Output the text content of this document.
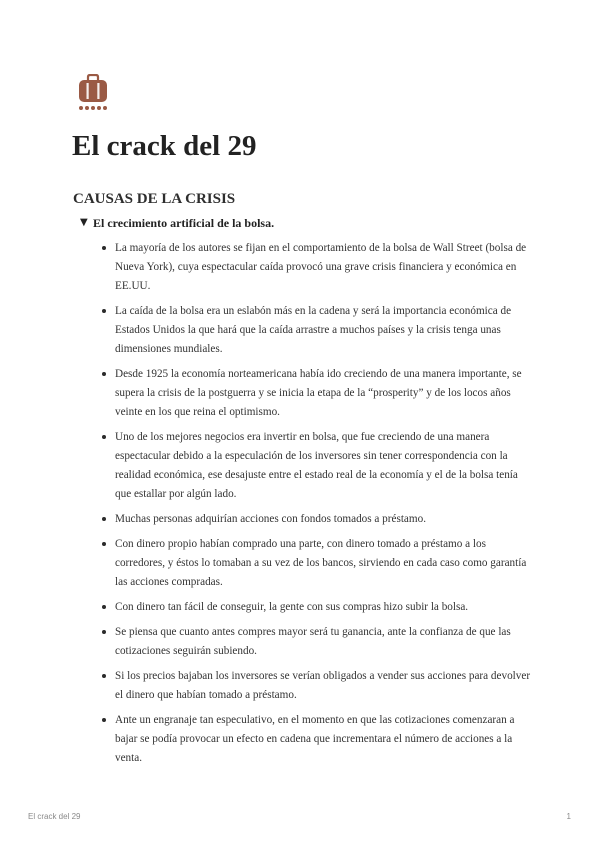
El crack del 29
CAUSAS DE LA CRISIS
▼ El crecimiento artificial de la bolsa.
La mayoría de los autores se fijan en el comportamiento de la bolsa de Wall Street (bolsa de Nueva York), cuya espectacular caída provocó una grave crisis financiera y económica en EE.UU.
La caída de la bolsa era un eslabón más en la cadena y será la importancia económica de Estados Unidos la que hará que la caída arrastre a muchos países y la crisis tenga unas dimensiones mundiales.
Desde 1925 la economía norteamericana había ido creciendo de una manera importante, se supera la crisis de la postguerra y se inicia la etapa de la “prosperity” y de los locos años veinte en los que reina el optimismo.
Uno de los mejores negocios era invertir en bolsa, que fue creciendo de una manera espectacular debido a la especulación de los inversores sin tener correspondencia con la realidad económica, ese desajuste entre el estado real de la economía y el de la bolsa tenía que estallar por algún lado.
Muchas personas adquirían acciones con fondos tomados a préstamo.
Con dinero propio habían comprado una parte, con dinero tomado a préstamo a los corredores, y éstos lo tomaban a su vez de los bancos, sirviendo en cada caso como garantía las acciones compradas.
Con dinero tan fácil de conseguir, la gente con sus compras hizo subir la bolsa.
Se piensa que cuanto antes compres mayor será tu ganancia, ante la confianza de que las cotizaciones seguirán subiendo.
Si los precios bajaban los inversores se verían obligados a vender sus acciones para devolver el dinero que habían tomado a préstamo.
Ante un engranaje tan especulativo, en el momento en que las cotizaciones comenzaran a bajar se podía provocar un efecto en cadena que incrementara el número de acciones a la venta.
El crack del 29	1
